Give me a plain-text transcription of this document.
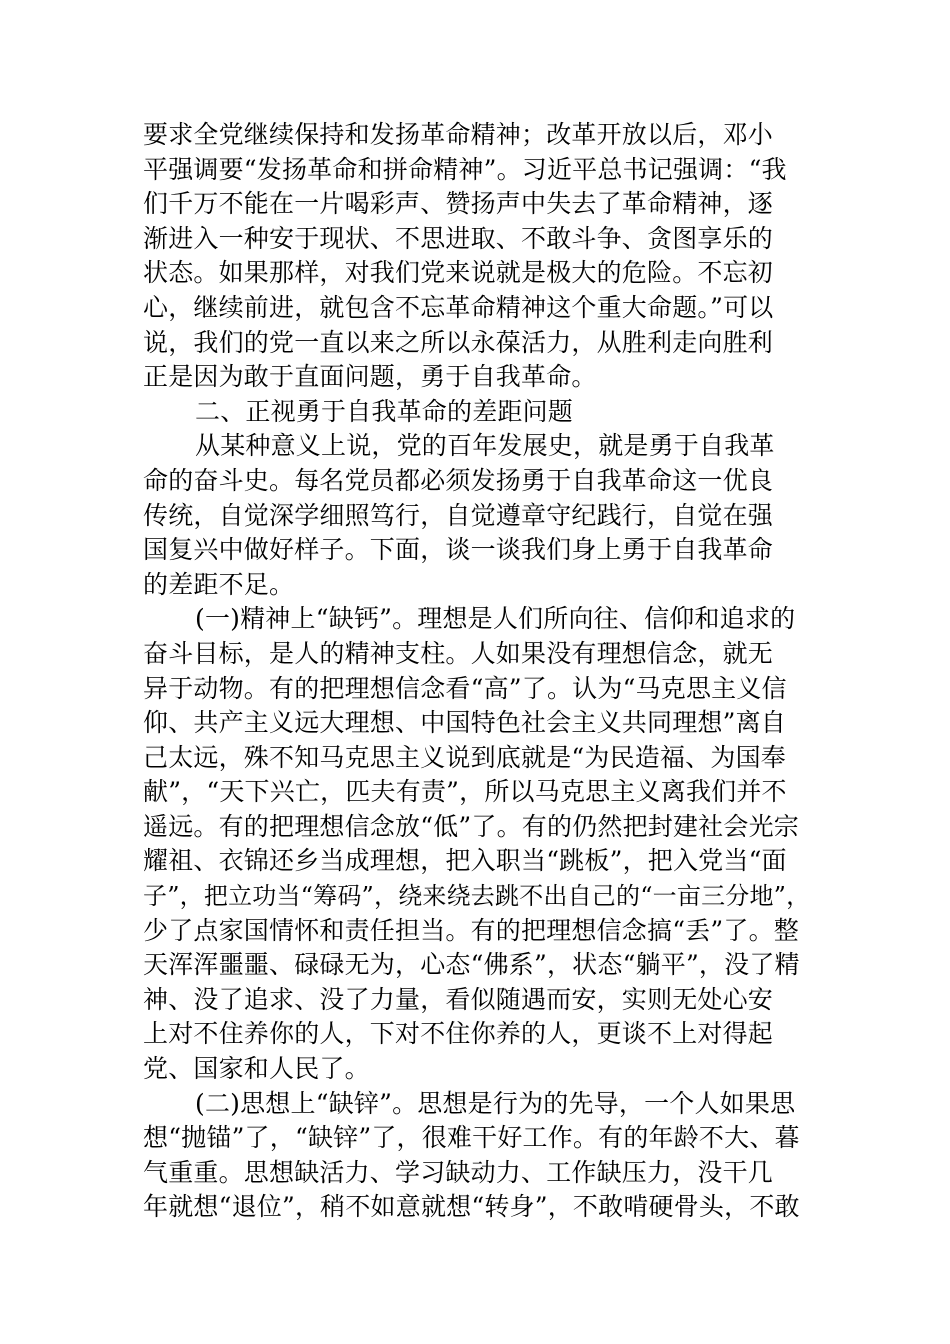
要求全党继续保持和发扬革命精神；改革开放以后，邓小
平强调要“发扬革命和拼命精神”。习近平总书记强调：“我
们千万不能在一片喝彩声、赞扬声中失去了革命精神，逐
渐进入一种安于现状、不思进取、不敢斗争、贪图享乐的
状态。如果那样，对我们党来说就是极大的危险。不忘初
心，继续前进，就包含不忘革命精神这个重大命题。”可以
说，我们的党一直以来之所以永葆活力，从胜利走向胜利
正是因为敢于直面问题，勇于自我革命。
二、正视勇于自我革命的差距问题
从某种意义上说，党的百年发展史，就是勇于自我革
命的奋斗史。每名党员都必须发扬勇于自我革命这一优良
传统，自觉深学细照笃行，自觉遵章守纪践行，自觉在强
国复兴中做好样子。下面，谈一谈我们身上勇于自我革命
的差距不足。
(一)精神上“缺钙”。理想是人们所向往、信仰和追求的
奋斗目标，是人的精神支柱。人如果没有理想信念，就无
异于动物。有的把理想信念看“高”了。认为“马克思主义信
仰、共产主义远大理想、中国特色社会主义共同理想”离自
己太远，殊不知马克思主义说到底就是“为民造福、为国奉
献”，“天下兴亡，匹夫有责”，所以马克思主义离我们并不
遥远。有的把理想信念放“低”了。有的仍然把封建社会光宗
耀祖、衣锦还乡当成理想，把入职当“跳板”，把入党当“面
子”，把立功当“筹码”，绕来绕去跳不出自己的“一亩三分地”，
少了点家国情怀和责任担当。有的把理想信念搞“丢”了。整
天浑浑噩噩、碌碌无为，心态“佛系”，状态“躺平”，没了精
神、没了追求、没了力量，看似随遇而安，实则无处心安
上对不住养你的人，下对不住你养的人，更谈不上对得起
党、国家和人民了。
(二)思想上“缺锌”。思想是行为的先导，一个人如果思
想“抛锚”了，“缺锌”了，很难干好工作。有的年龄不大、暮
气重重。思想缺活力、学习缺动力、工作缺压力，没干几
年就想“退位”，稍不如意就想“转身”，不敢啃硬骨头，不敢
